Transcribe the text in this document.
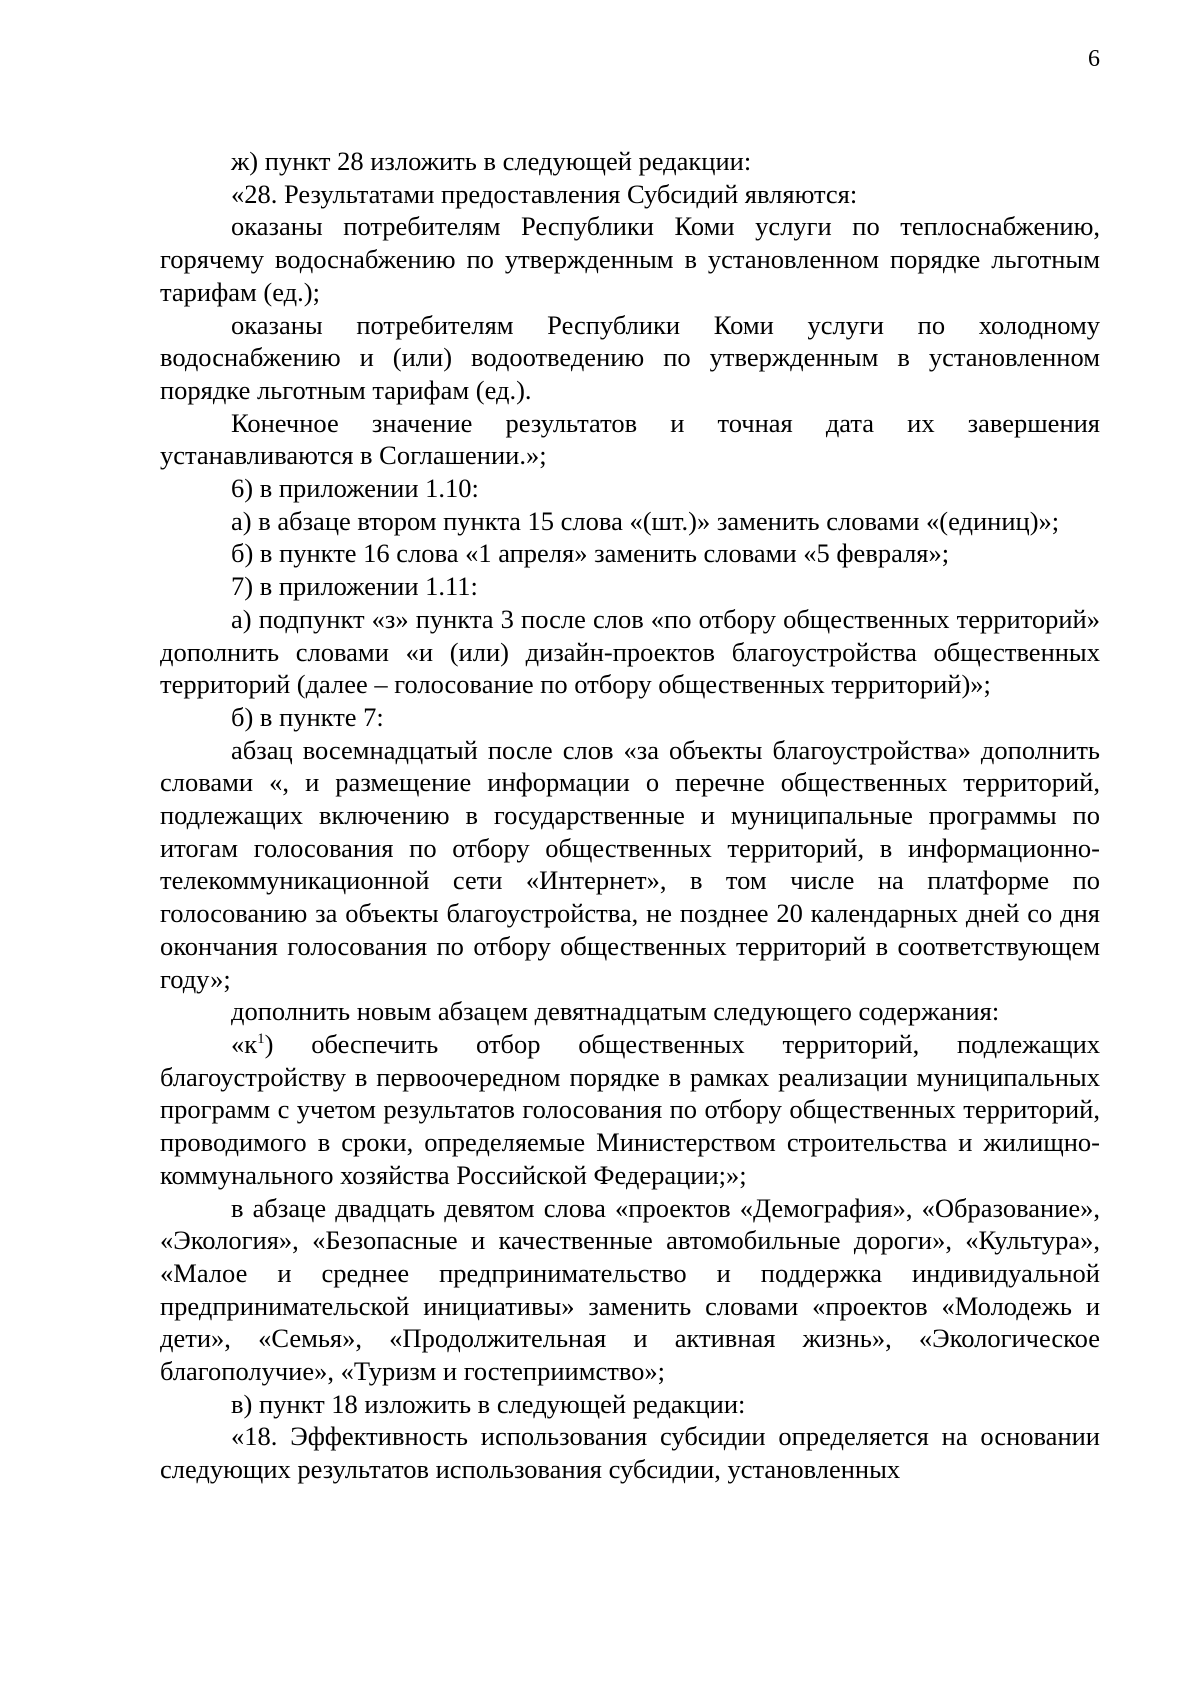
6

ж) пункт 28 изложить в следующей редакции:

«28. Результатами предоставления Субсидий являются:

оказаны потребителям Республики Коми услуги по теплоснабжению, горячему водоснабжению по утвержденным в установленном порядке льготным тарифам (ед.);

оказаны потребителям Республики Коми услуги по холодному водоснабжению и (или) водоотведению по утвержденным в установленном порядке льготным тарифам (ед.).

Конечное значение результатов и точная дата их завершения устанавливаются в Соглашении.»;

6) в приложении 1.10:

а) в абзаце втором пункта 15 слова «(шт.)» заменить словами «(единиц)»;

б) в пункте 16 слова «1 апреля» заменить словами «5 февраля»;

7) в приложении 1.11:

а) подпункт «з» пункта 3 после слов «по отбору общественных территорий» дополнить словами «и (или) дизайн-проектов благоустройства общественных территорий (далее – голосование по отбору общественных территорий)»;

б) в пункте 7:

абзац восемнадцатый после слов «за объекты благоустройства» дополнить словами «, и размещение информации о перечне общественных территорий, подлежащих включению в государственные и муниципальные программы по итогам голосования по отбору общественных территорий, в информационно-телекоммуникационной сети «Интернет», в том числе на платформе по голосованию за объекты благоустройства, не позднее 20 календарных дней со дня окончания голосования по отбору общественных территорий в соответствующем году»;

дополнить новым абзацем девятнадцатым следующего содержания:

«$к^1$) обеспечить отбор общественных территорий, подлежащих благоустройству в первоочередном порядке в рамках реализации муниципальных программ с учетом результатов голосования по отбору общественных территорий, проводимого в сроки, определяемые Министерством строительства и жилищно-коммунального хозяйства Российской Федерации;»;

в абзаце двадцать девятом слова «проектов «Демография», «Образование», «Экология», «Безопасные и качественные автомобильные дороги», «Культура», «Малое и среднее предпринимательство и поддержка индивидуальной предпринимательской инициативы» заменить словами «проектов «Молодежь и дети», «Семья», «Продолжительная и активная жизнь», «Экологическое благополучие», «Туризм и гостеприимство»;

в) пункт 18 изложить в следующей редакции:

«18. Эффективность использования субсидии определяется на основании следующих результатов использования субсидии, установленных
